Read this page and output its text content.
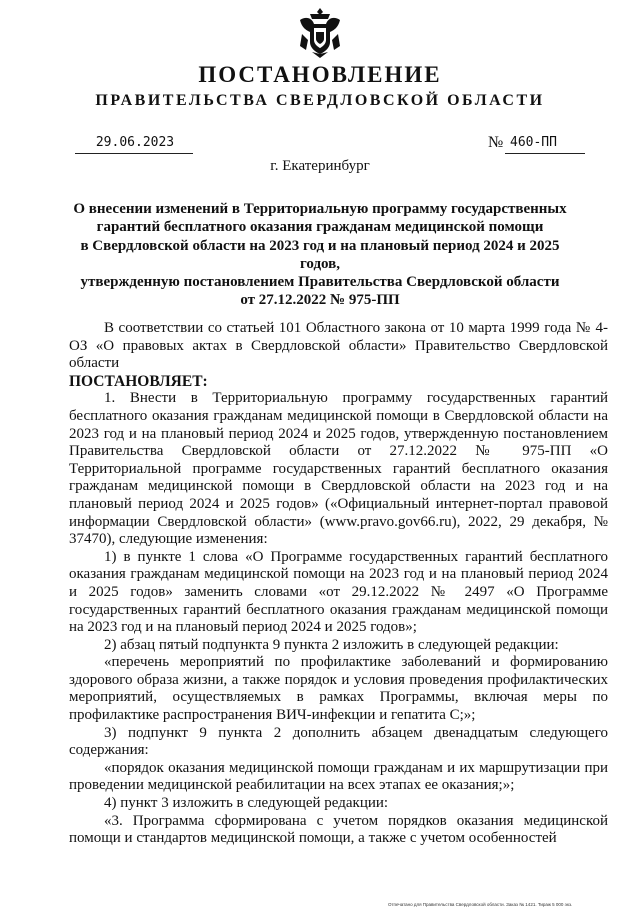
ПОСТАНОВЛЕНИЕ
ПРАВИТЕЛЬСТВА СВЕРДЛОВСКОЙ ОБЛАСТИ
29.06.2023	№ 460-ПП
г. Екатеринбург
О внесении изменений в Территориальную программу государственных
гарантий бесплатного оказания гражданам медицинской помощи
в Свердловской области на 2023 год и на плановый период 2024 и 2025 годов,
утвержденную постановлением Правительства Свердловской области
от 27.12.2022 № 975-ПП

В соответствии со статьей 101 Областного закона от 10 марта 1999 года № 4-ОЗ «О правовых актах в Свердловской области» Правительство Свердловской области

ПОСТАНОВЛЯЕТ:

1. Внести в Территориальную программу государственных гарантий бесплатного оказания гражданам медицинской помощи в Свердловской области на 2023 год и на плановый период 2024 и 2025 годов, утвержденную постановлением Правительства Свердловской области от 27.12.2022 № 975-ПП «О Территориальной программе государственных гарантий бесплатного оказания гражданам медицинской помощи в Свердловской области на 2023 год и на плановый период 2024 и 2025 годов» («Официальный интернет-портал правовой информации Свердловской области» (www.pravo.gov66.ru), 2022, 29 декабря, № 37470), следующие изменения:

1) в пункте 1 слова «О Программе государственных гарантий бесплатного оказания гражданам медицинской помощи на 2023 год и на плановый период 2024 и 2025 годов» заменить словами «от 29.12.2022 № 2497 «О Программе государственных гарантий бесплатного оказания гражданам медицинской помощи на 2023 год и на плановый период 2024 и 2025 годов»;

2) абзац пятый подпункта 9 пункта 2 изложить в следующей редакции:

«перечень мероприятий по профилактике заболеваний и формированию здорового образа жизни, а также порядок и условия проведения профилактических мероприятий, осуществляемых в рамках Программы, включая меры по профилактике распространения ВИЧ-инфекции и гепатита С;»;

3) подпункт 9 пункта 2 дополнить абзацем двенадцатым следующего содержания:

«порядок оказания медицинской помощи гражданам и их маршрутизации при проведении медицинской реабилитации на всех этапах ее оказания;»;

4) пункт 3 изложить в следующей редакции:

«3. Программа сформирована с учетом порядков оказания медицинской помощи и стандартов медицинской помощи, а также с учетом особенностей

Отпечатано для Правительства Свердловской области. Заказ № 1421. Тираж 5 000 экз.
